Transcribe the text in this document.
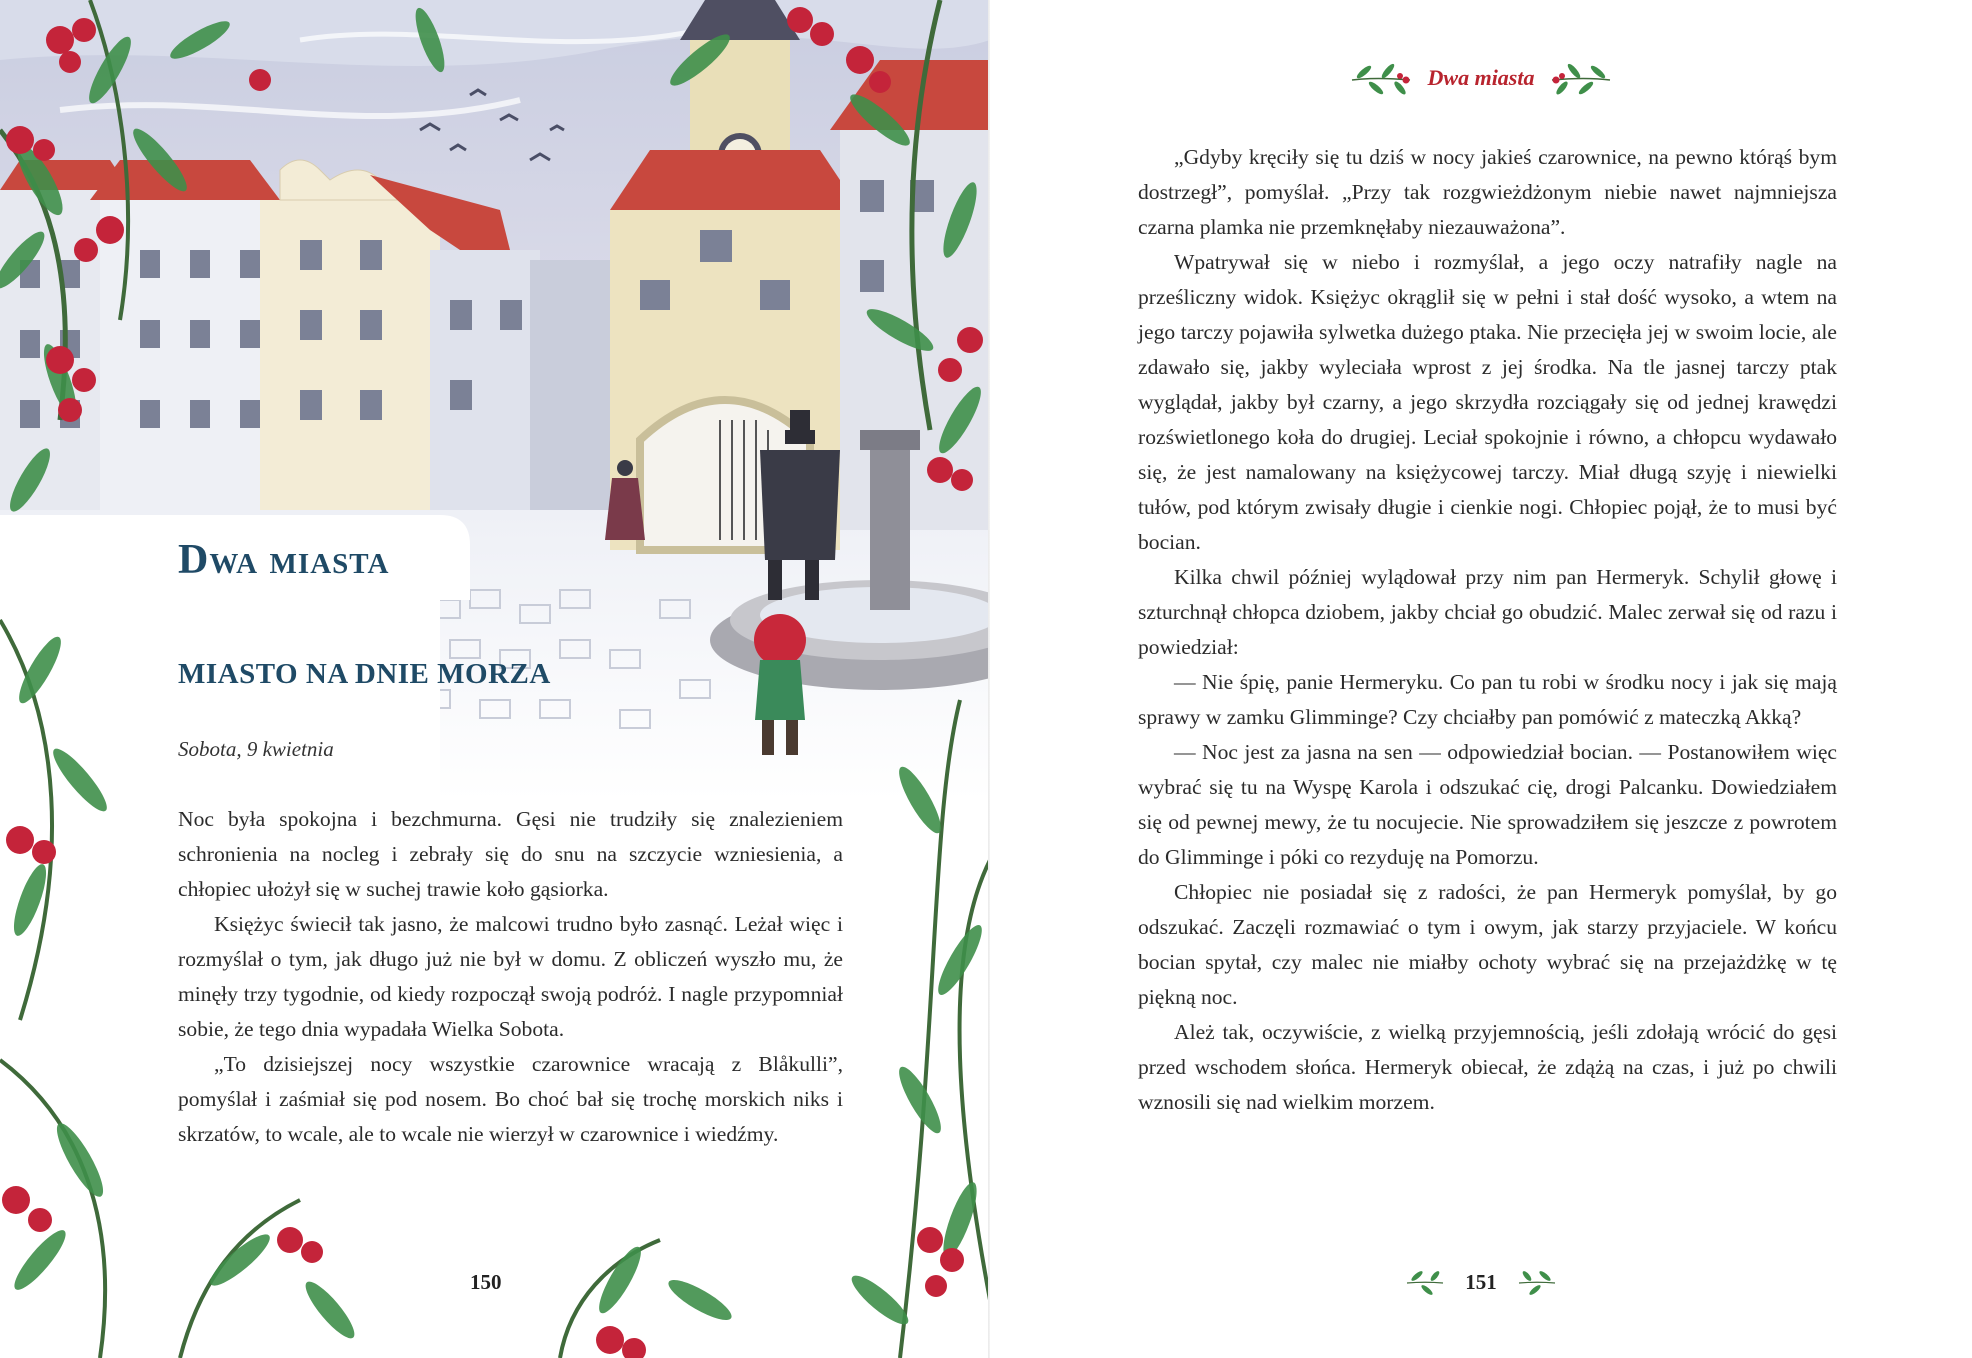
Dwa miasta
MIASTO NA DNIE MORZA
Sobota, 9 kwietnia

Noc była spokojna i bezchmurna. Gęsi nie trudziły się znalezieniem schronienia na nocleg i zebrały się do snu na szczycie wzniesienia, a chłopiec ułożył się w suchej trawie koło gąsiorka.

Księżyc świecił tak jasno, że malcowi trudno było zasnąć. Leżał więc i rozmyślał o tym, jak długo już nie był w domu. Z obliczeń wyszło mu, że minęły trzy tygodnie, od kiedy rozpoczął swoją podróż. I nagle przypomniał sobie, że tego dnia wypadała Wielka Sobota.

„To dzisiejszej nocy wszystkie czarownice wracają z Blåkulli”, pomyślał i zaśmiał się pod nosem. Bo choć bał się trochę morskich niks i skrzatów, to wcale, ale to wcale nie wierzył w czarownice i wiedźmy.

150
Dwa miasta

„Gdyby kręciły się tu dziś w nocy jakieś czarownice, na pewno którąś bym dostrzegł”, pomyślał. „Przy tak rozgwieżdżonym niebie nawet najmniejsza czarna plamka nie przemknęłaby niezauważona”.

Wpatrywał się w niebo i rozmyślał, a jego oczy natrafiły nagle na prześliczny widok. Księżyc okrąglił się w pełni i stał dość wysoko, a wtem na jego tarczy pojawiła sylwetka dużego ptaka. Nie przecięła jej w swoim locie, ale zdawało się, jakby wyleciała wprost z jej środka. Na tle jasnej tarczy ptak wyglądał, jakby był czarny, a jego skrzydła rozciągały się od jednej krawędzi rozświetlonego koła do drugiej. Leciał spokojnie i równo, a chłopcu wydawało się, że jest namalowany na księżycowej tarczy. Miał długą szyję i niewielki tułów, pod którym zwisały długie i cienkie nogi. Chłopiec pojął, że to musi być bocian.

Kilka chwil później wylądował przy nim pan Hermeryk. Schylił głowę i szturchnął chłopca dziobem, jakby chciał go obudzić. Malec zerwał się od razu i powiedział:

— Nie śpię, panie Hermeryku. Co pan tu robi w środku nocy i jak się mają sprawy w zamku Glimminge? Czy chciałby pan pomówić z mateczką Akką?

— Noc jest za jasna na sen — odpowiedział bocian. — Postanowiłem więc wybrać się tu na Wyspę Karola i odszukać cię, drogi Palcanku. Dowiedziałem się od pewnej mewy, że tu nocujecie. Nie sprowadziłem się jeszcze z powrotem do Glimminge i póki co rezyduję na Pomorzu.

Chłopiec nie posiadał się z radości, że pan Hermeryk pomyślał, by go odszukać. Zaczęli rozmawiać o tym i owym, jak starzy przyjaciele. W końcu bocian spytał, czy malec nie miałby ochoty wybrać się na przejażdżkę w tę piękną noc.

Ależ tak, oczywiście, z wielką przyjemnością, jeśli zdołają wrócić do gęsi przed wschodem słońca. Hermeryk obiecał, że zdążą na czas, i już po chwili wznosili się nad wielkim morzem.

151
